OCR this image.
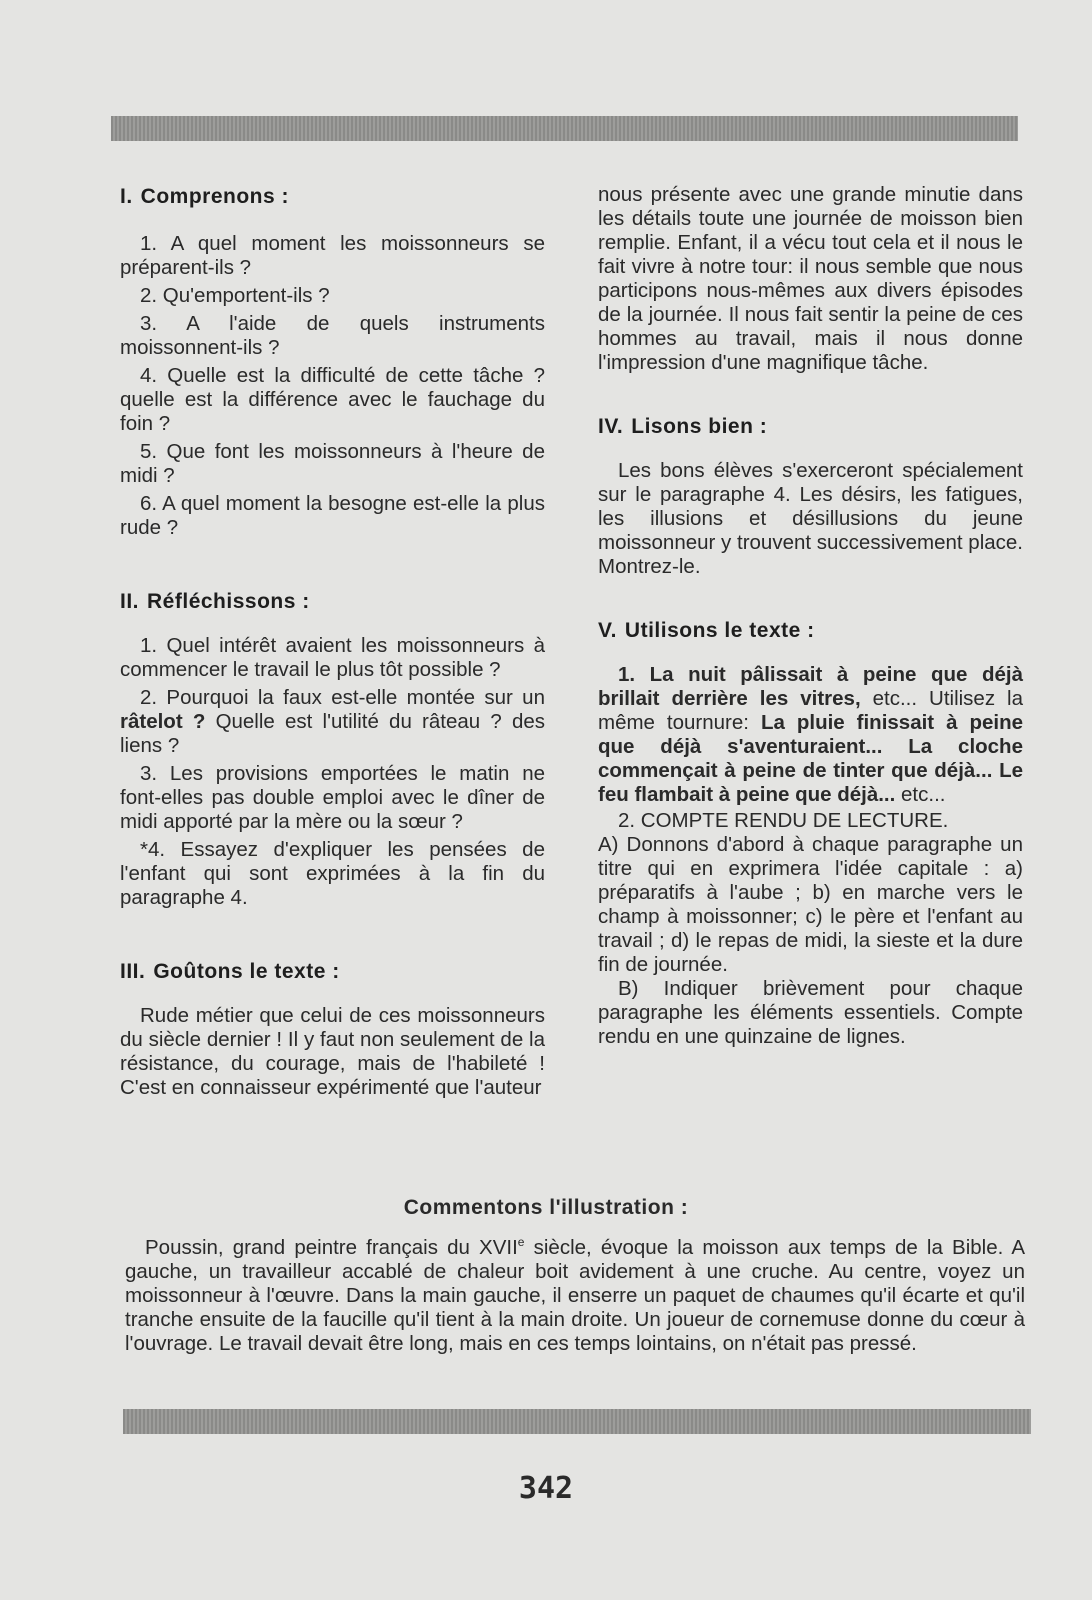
I. Comprenons :

1. A quel moment les moissonneurs se préparent-ils ?

2. Qu'emportent-ils ?

3. A l'aide de quels instruments moissonnent-ils ?

4. Quelle est la difficulté de cette tâche ? quelle est la différence avec le fauchage du foin ?

5. Que font les moissonneurs à l'heure de midi ?

6. A quel moment la besogne est-elle la plus rude ?

II. Réfléchissons :

1. Quel intérêt avaient les moissonneurs à commencer le travail le plus tôt possible ?

2. Pourquoi la faux est-elle montée sur un râtelot ? Quelle est l'utilité du râteau ? des liens ?

3. Les provisions emportées le matin ne font-elles pas double emploi avec le dîner de midi apporté par la mère ou la sœur ?

*4. Essayez d'expliquer les pensées de l'enfant qui sont exprimées à la fin du paragraphe 4.

III. Goûtons le texte :

Rude métier que celui de ces moissonneurs du siècle dernier ! Il y faut non seulement de la résistance, du courage, mais de l'habileté ! C'est en connaisseur expérimenté que l'auteur

nous présente avec une grande minutie dans les détails toute une journée de moisson bien remplie. Enfant, il a vécu tout cela et il nous le fait vivre à notre tour: il nous semble que nous participons nous-mêmes aux divers épisodes de la journée. Il nous fait sentir la peine de ces hommes au travail, mais il nous donne l'impression d'une magnifique tâche.

IV. Lisons bien :

Les bons élèves s'exerceront spécialement sur le paragraphe 4. Les désirs, les fatigues, les illusions et désillusions du jeune moissonneur y trouvent successivement place. Montrez-le.

V. Utilisons le texte :

1. La nuit pâlissait à peine que déjà brillait derrière les vitres, etc... Utilisez la même tournure: La pluie finissait à peine que déjà s'aventuraient... La cloche commençait à peine de tinter que déjà... Le feu flambait à peine que déjà... etc...

2. COMPTE RENDU DE LECTURE.

A) Donnons d'abord à chaque paragraphe un titre qui en exprimera l'idée capitale : a) préparatifs à l'aube ; b) en marche vers le champ à moissonner; c) le père et l'enfant au travail ; d) le repas de midi, la sieste et la dure fin de journée.

B) Indiquer brièvement pour chaque paragraphe les éléments essentiels. Compte rendu en une quinzaine de lignes.

Commentons l'illustration :

Poussin, grand peintre français du XVIIe siècle, évoque la moisson aux temps de la Bible. A gauche, un travailleur accablé de chaleur boit avidement à une cruche. Au centre, voyez un moissonneur à l'œuvre. Dans la main gauche, il enserre un paquet de chaumes qu'il écarte et qu'il tranche ensuite de la faucille qu'il tient à la main droite. Un joueur de cornemuse donne du cœur à l'ouvrage. Le travail devait être long, mais en ces temps lointains, on n'était pas pressé.

342
